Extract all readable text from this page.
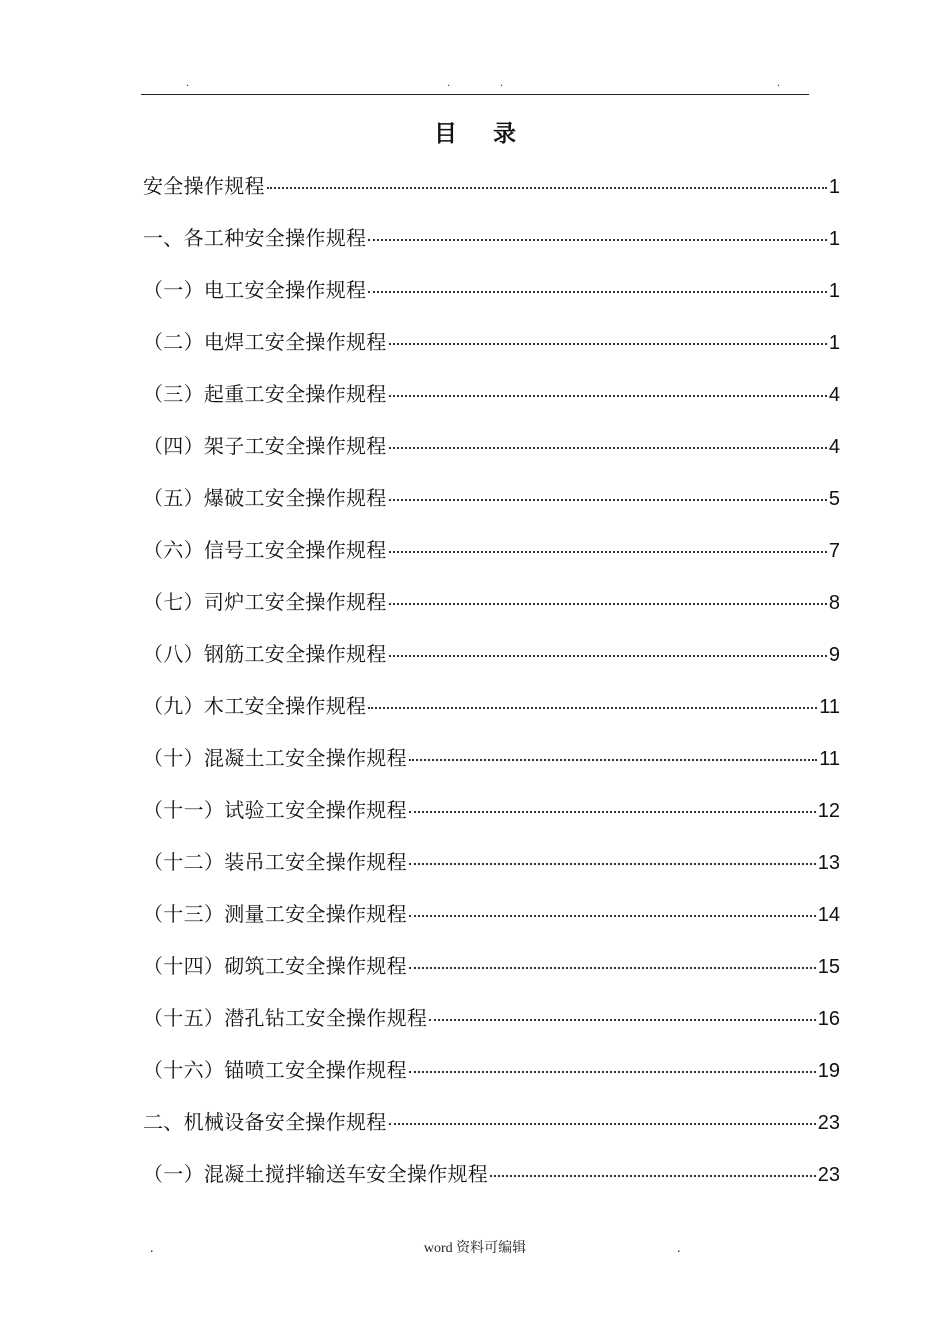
.	.	.	.
目 录
安全操作规程	1
一、各工种安全操作规程	1
（一）电工安全操作规程	1
（二）电焊工安全操作规程	1
（三）起重工安全操作规程	4
（四）架子工安全操作规程	4
（五）爆破工安全操作规程	5
（六）信号工安全操作规程	7
（七）司炉工安全操作规程	8
（八）钢筋工安全操作规程	9
（九）木工安全操作规程	11
（十）混凝土工安全操作规程	11
（十一）试验工安全操作规程	12
（十二）装吊工安全操作规程	13
（十三）测量工安全操作规程	14
（十四）砌筑工安全操作规程	15
（十五）潜孔钻工安全操作规程	16
（十六）锚喷工安全操作规程	19
二、机械设备安全操作规程	23
（一）混凝土搅拌输送车安全操作规程	23
.	word 资料可编辑	.
